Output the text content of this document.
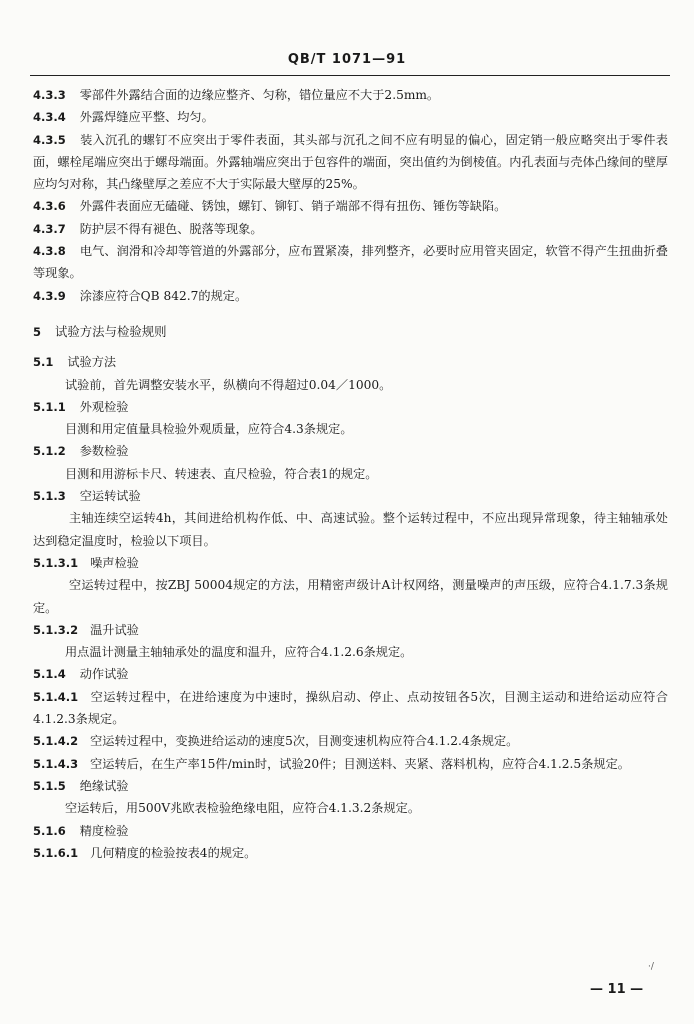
QB/T 1071—91

4.3.3 零部件外露结合面的边缘应整齐、匀称，错位量应不大于2.5mm。

4.3.4 外露焊缝应平整、均匀。

4.3.5 装入沉孔的螺钉不应突出于零件表面，其头部与沉孔之间不应有明显的偏心，固定销一般应略突出于零件表面，螺栓尾端应突出于螺母端面。外露轴端应突出于包容件的端面，突出值约为倒棱值。内孔表面与壳体凸缘间的壁厚应均匀对称，其凸缘壁厚之差应不大于实际最大壁厚的25%。

4.3.6 外露件表面应无磕碰、锈蚀，螺钉、铆钉、销子端部不得有扭伤、锤伤等缺陷。

4.3.7 防护层不得有褪色、脱落等现象。

4.3.8 电气、润滑和冷却等管道的外露部分，应布置紧凑，排列整齐，必要时应用管夹固定，软管不得产生扭曲折叠等现象。

4.3.9 涂漆应符合QB 842.7的规定。

5 试验方法与检验规则

5.1 试验方法

试验前，首先调整安装水平，纵横向不得超过0.04／1000。

5.1.1 外观检验

目测和用定值量具检验外观质量，应符合4.3条规定。

5.1.2 参数检验

目测和用游标卡尺、转速表、直尺检验，符合表1的规定。

5.1.3 空运转试验

主轴连续空运转4h，其间进给机构作低、中、高速试验。整个运转过程中，不应出现异常现象，待主轴轴承处达到稳定温度时，检验以下项目。

5.1.3.1 噪声检验

空运转过程中，按ZBJ 50004规定的方法，用精密声级计A计权网络，测量噪声的声压级，应符合4.1.7.3条规定。

5.1.3.2 温升试验

用点温计测量主轴轴承处的温度和温升，应符合4.1.2.6条规定。

5.1.4 动作试验

5.1.4.1 空运转过程中，在进给速度为中速时，操纵启动、停止、点动按钮各5次，目测主运动和进给运动应符合4.1.2.3条规定。

5.1.4.2 空运转过程中，变换进给运动的速度5次，目测变速机构应符合4.1.2.4条规定。

5.1.4.3 空运转后，在生产率15件/min时，试验20件；目测送料、夹紧、落料机构，应符合4.1.2.5条规定。

5.1.5 绝缘试验

空运转后，用500V兆欧表检验绝缘电阻，应符合4.1.3.2条规定。

5.1.6 精度检验

5.1.6.1 几何精度的检验按表4的规定。

·/
— 11 —
